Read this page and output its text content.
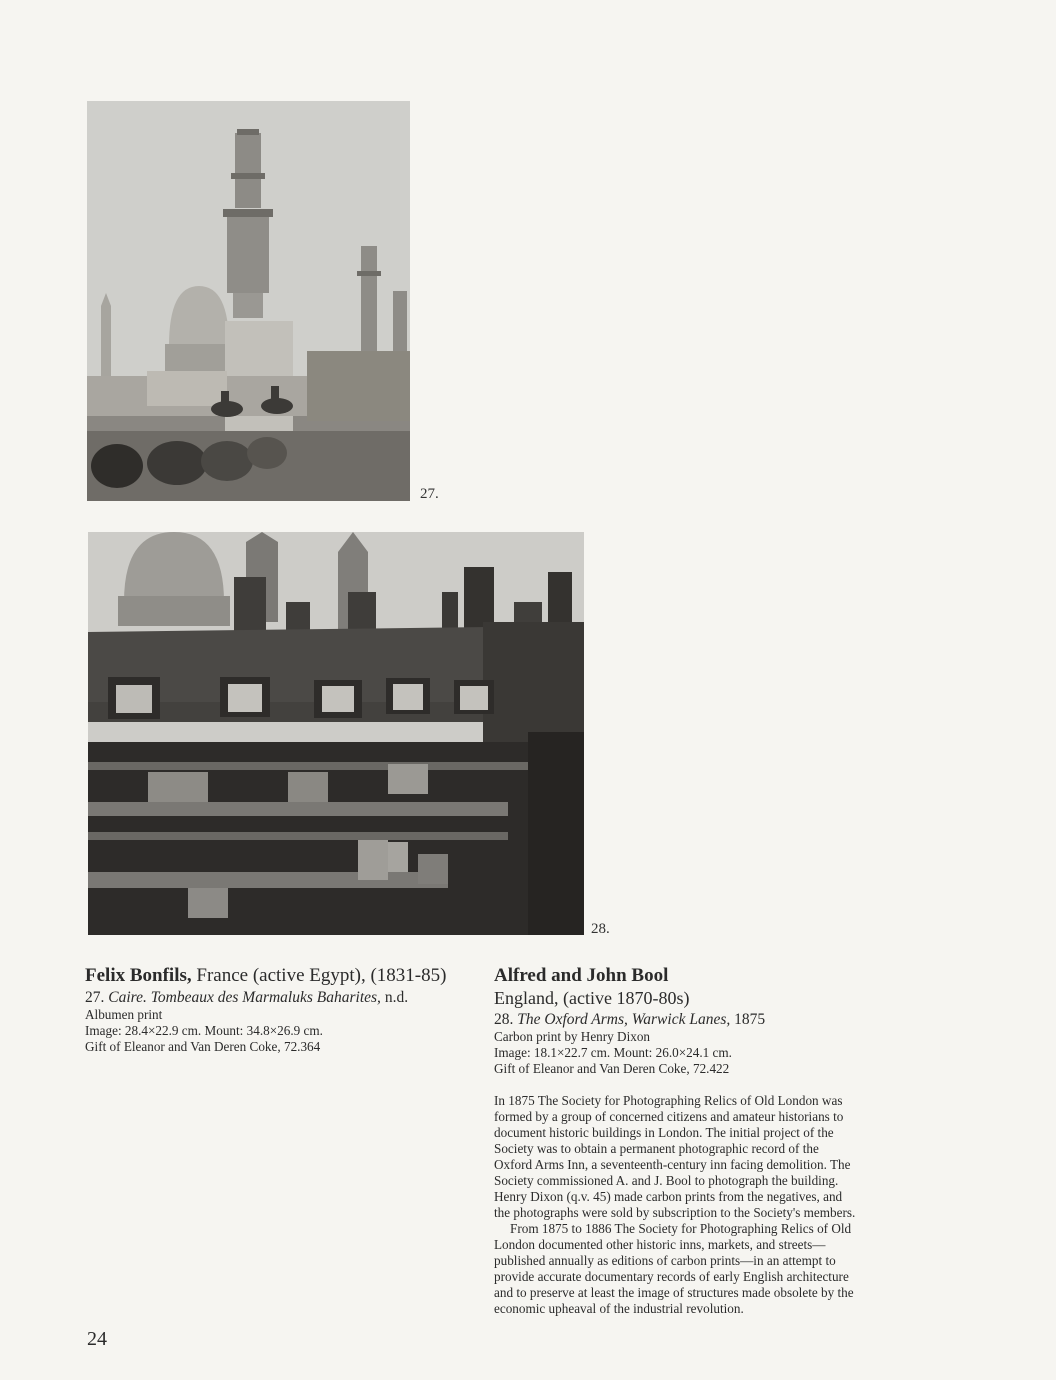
27.
28.
Felix Bonfils, France (active Egypt), (1831-85)
27. Caire. Tombeaux des Marmaluks Baharites, n.d.
Albumen print
Image: 28.4×22.9 cm. Mount: 34.8×26.9 cm.
Gift of Eleanor and Van Deren Coke, 72.364
Alfred and John Bool
England, (active 1870-80s)
28. The Oxford Arms, Warwick Lanes, 1875
Carbon print by Henry Dixon
Image: 18.1×22.7 cm. Mount: 26.0×24.1 cm.
Gift of Eleanor and Van Deren Coke, 72.422

In 1875 The Society for Photographing Relics of Old London was formed by a group of concerned citizens and amateur historians to document historic buildings in London. The initial project of the Society was to obtain a permanent photographic record of the Oxford Arms Inn, a seventeenth-century inn facing demolition. The Society commissioned A. and J. Bool to photograph the building. Henry Dixon (q.v. 45) made carbon prints from the negatives, and the photographs were sold by subscription to the Society's members.

From 1875 to 1886 The Society for Photographing Relics of Old London documented other historic inns, markets, and streets—published annually as editions of carbon prints—in an attempt to provide accurate documentary records of early English architecture and to preserve at least the image of structures made obsolete by the economic upheaval of the industrial revolution.

24
